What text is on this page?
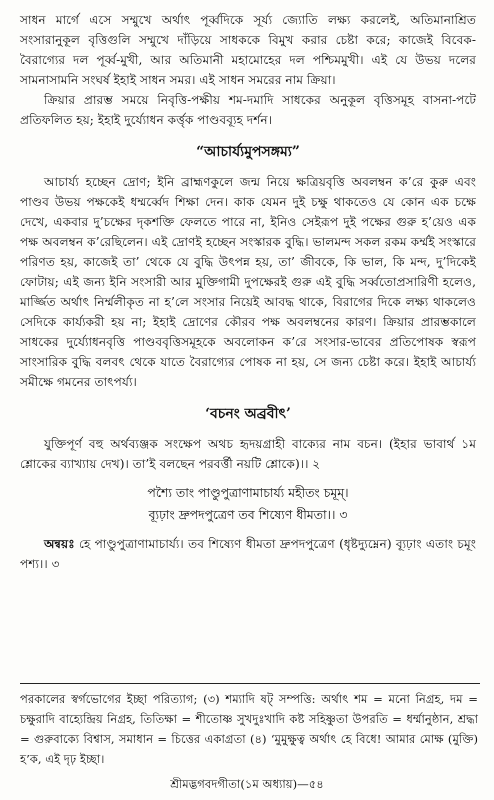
সাধন মার্গে এসে সম্মুখে অর্থাৎ পূর্ব্বদিকে সূর্য্য জ্যোতি লক্ষ্য করলেই, অতিমানাশ্রিত সংসারানুকূল বৃত্তিগুলি সম্মুখে দাঁড়িয়ে সাধককে বিমুখ করার চেষ্টা করে; কাজেই বিবেক-বৈরাগ্যের দল পূর্ব্ব-মুখী, আর অতিমানী মহামোহের দল পশ্চিমমুখী। এই যে উভয় দলের সামনাসামনি সংঘর্ষ ইহাই সাধন সমর। এই সাধন সমরের নাম ক্রিয়া।

ক্রিয়ার প্রারম্ভ সময়ে নিবৃত্তি-পক্ষীয় শম-দমাদি সাধকের অনুকূল বৃত্তিসমূহ বাসনা-পটে প্রতিফলিত হয়; ইহাই দুর্য্যোধন কর্ত্তৃক পাণ্ডবব্যূহ দর্শন।

“আচার্য্যমুপসঙ্গম্য”

আচার্য্য হচ্ছেন দ্রোণ; ইনি ব্রাহ্মণকুলে জন্ম নিয়ে ক্ষত্রিয়বৃত্তি অবলম্বন ক’রে কুরু এবং পাণ্ডব উভয় পক্ষকেই ধম্মর্ব্বেদ শিক্ষা দেন। কাক যেমন দুই চক্ষু থাকতেও যে কোন এক চক্ষে দেখে, একবার দু’চক্ষের দৃকশক্তি ফেলতে পারে না, ইনিও সেইরূপ দুই পক্ষের গুরু হ’য়েও এক পক্ষ অবলম্বন ক’রেছিলেন। এই দ্রোণই হচ্ছেন সংস্কারক বুদ্ধি। ভালমন্দ সকল রকম কর্ম্মই সংস্কারে পরিণত হয়, কাজেই তা’ থেকে যে বুদ্ধি উৎপন্ন হয়, তা’ জীবকে, কি ভাল, কি মন্দ, দু’দিকেই ফোটায়; এই জন্য ইনি সংসারী আর মুক্তিগামী দুপক্ষেরই গুরু এই বুদ্ধি সর্ব্বতোপ্রসারিণী হলেও, মার্জ্জিত অর্থাৎ নির্ম্মলীকৃত না হ’লে সংসার নিয়েই আবদ্ধ থাকে, বিরাগের দিকে লক্ষ্য থাকলেও সেদিকে কার্য্যকরী হয় না; ইহাই দ্রোণের কৌরব পক্ষ অবলম্বনের কারণ। ক্রিয়ার প্রারম্ভকালে সাধকের দুর্য্যোধনবৃত্তি পাণ্ডববৃত্তিসমূহকে অবলোকন ক’রে সংসার-ভাবের প্রতিপোষক স্বরূপ সাংসারিক বুদ্ধি বলবৎ থেকে যাতে বৈরাগ্যের পোষক না হয়, সে জন্য চেষ্টা করে। ইহাই আচার্য্য সমীক্ষে গমনের তাৎপর্য্য।

‘বচনং অব্রবীৎ’

যুক্তিপূর্ণ বহু অর্থব্যঞ্জক সংক্ষেপ অথচ হৃদয়গ্রাহী বাক্যের নাম বচন। (ইহার ভাবার্থ ১ম শ্লোকের ব্যাখ্যায় দেখ)। তা’ই বলছেন পরবর্ত্তী নয়টি শ্লোকে)।। ২

পশ্যৈ তাং পাণ্ডুপুত্রাণামাচার্য্য মহীতং চমূম্।
ব্যূঢ়াং দ্রুপদপুত্রেণ তব শিষ্যেণ ধীমতা।। ৩

অন্বয়ঃ হে পাণ্ডুপুত্রাণামাচার্য্য। তব শিষ্যেণ ধীমতা দ্রুপদপুত্রেণ (ধৃষ্টদ্যুম্নেন) ব্যূঢ়াং এতাং চমূং পশ্য।। ৩

পরকালের স্বর্গভোগের ইচ্ছা পরিত্যাগ; (৩) শম্যাদি ষট্ সম্পত্তি: অর্থাৎ শম = মনো নিগ্রহ, দম = চক্ষুরাদি বাহ্যেন্দ্রিয় নিগ্রহ, তিতিক্ষা = শীতোষ্ণ সুখদুঃখাদি কষ্ট সহিষ্ণুতা উপরতি = ধর্ম্মানুষ্ঠান, শ্রদ্ধা = গুরুবাক্যে বিশ্বাস, সমাধান = চিত্তের একাগ্রতা (৪) ‘মুমুক্ষুত্ব অর্থাৎ হে বিধে! আমার মোক্ষ (মুক্তি) হ’ক, এই দৃঢ় ইচ্ছা।

শ্রীমদ্ভগবদগীতা(১ম অধ্যায়)—৫৪
